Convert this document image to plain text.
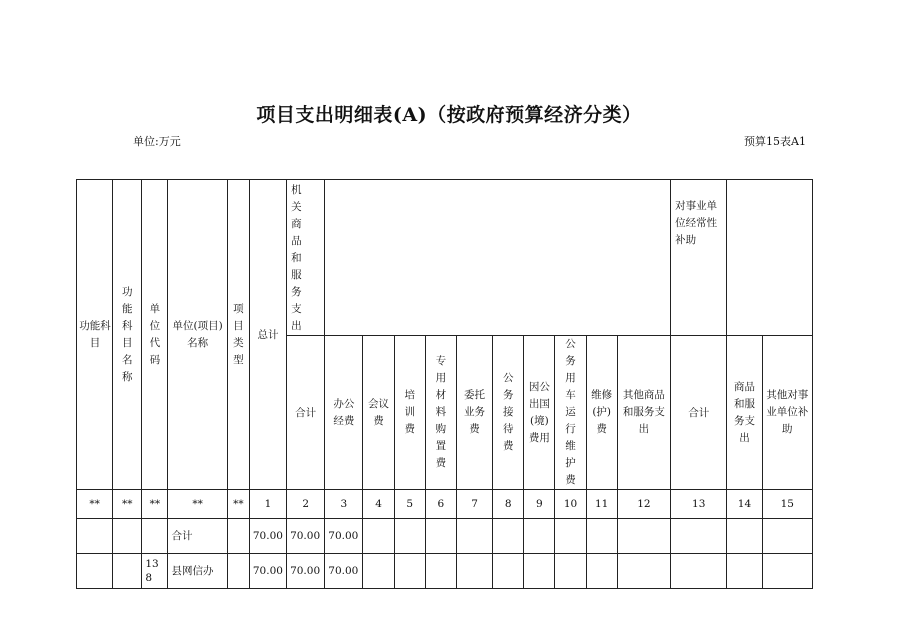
项目支出明细表(A)（按政府预算经济分类）
单位:万元	预算15表A1
功能科目	功能科目名称	单位代码	单位(项目)名称	项目类型	总计	机关商品和服务支出											对事业单位经常性补助		
						合计	办公经费	会议费	培训费	专用材料购置费	委托业务费	公务接待费	因公出国(境)费用	公务用车运行维护费	维修(护)费	其他商品和服务支出	合计	商品和服务支出	其他对事业单位补助
**	**	**	**	**	1	2	3	4	5	6	7	8	9	10	11	12	13	14	15
			合计		70.00	70.00	70.00												
		138	县网信办		70.00	70.00	70.00												
